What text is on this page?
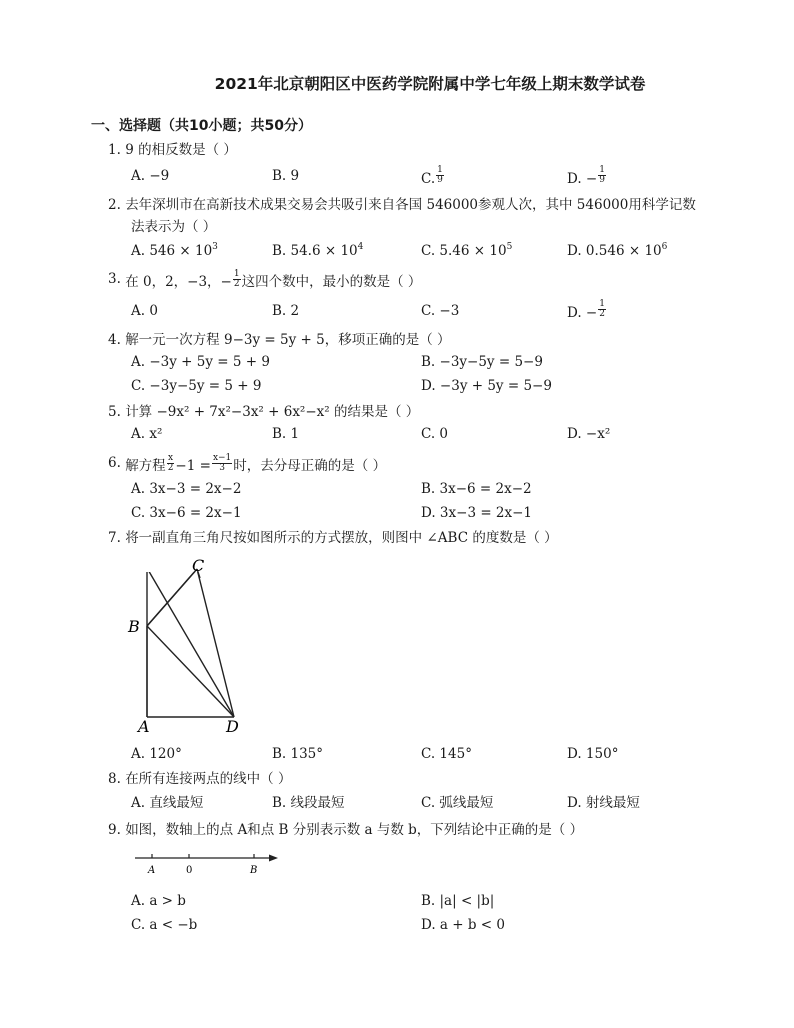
2021年北京朝阳区中医药学院附属中学七年级上期末数学试卷
一、选择题（共10小题；共50分）
1. 9 的相反数是（ ）
A. −9	B. 9	C. $\frac{1}{9}$	D. − $\frac{1}{9}$
2. 去年深圳市在高新技术成果交易会共吸引来自各国 546000参观人次，其中 546000用科学记数
法表示为（ ）
A. $546 \times 10^3$	B. $54.6 \times 10^4$	C. $5.46 \times 10^5$	D. $0.546 \times 10^6$
3. 在 0，2，−3，− $\frac{1}{2}$ 这四个数中，最小的数是（ ）
A. 0	B. 2	C. −3	D. − $\frac{1}{2}$
4. 解一元一次方程 9−3y = 5y + 5，移项正确的是（ ）
A. −3y + 5y = 5 + 9	B. −3y−5y = 5−9
C. −3y−5y = 5 + 9	D. −3y + 5y = 5−9
5. 计算 −9x² + 7x²−3x² + 6x²−x² 的结果是（ ）
A. x²	B. 1	C. 0	D. −x²
6. 解方程 $\frac{x}{2} -1 = \frac{x-1}{3}$ 时，去分母正确的是（ ）
A. 3x−3 = 2x−2	B. 3x−6 = 2x−2
C. 3x−6 = 2x−1	D. 3x−3 = 2x−1
7. 将一副直角三角尺按如图所示的方式摆放，则图中 ∠ABC 的度数是（ ）
C
B
A	D
A. 120°	B. 135°	C. 145°	D. 150°
8. 在所有连接两点的线中（ ）
A. 直线最短	B. 线段最短	C. 弧线最短	D. 射线最短
9. 如图，数轴上的点 A和点 B 分别表示数 a 与数 b，下列结论中正确的是（ ）
A	0	B
A. a > b	B. |a| < |b|
C. a < −b	D. a + b < 0
